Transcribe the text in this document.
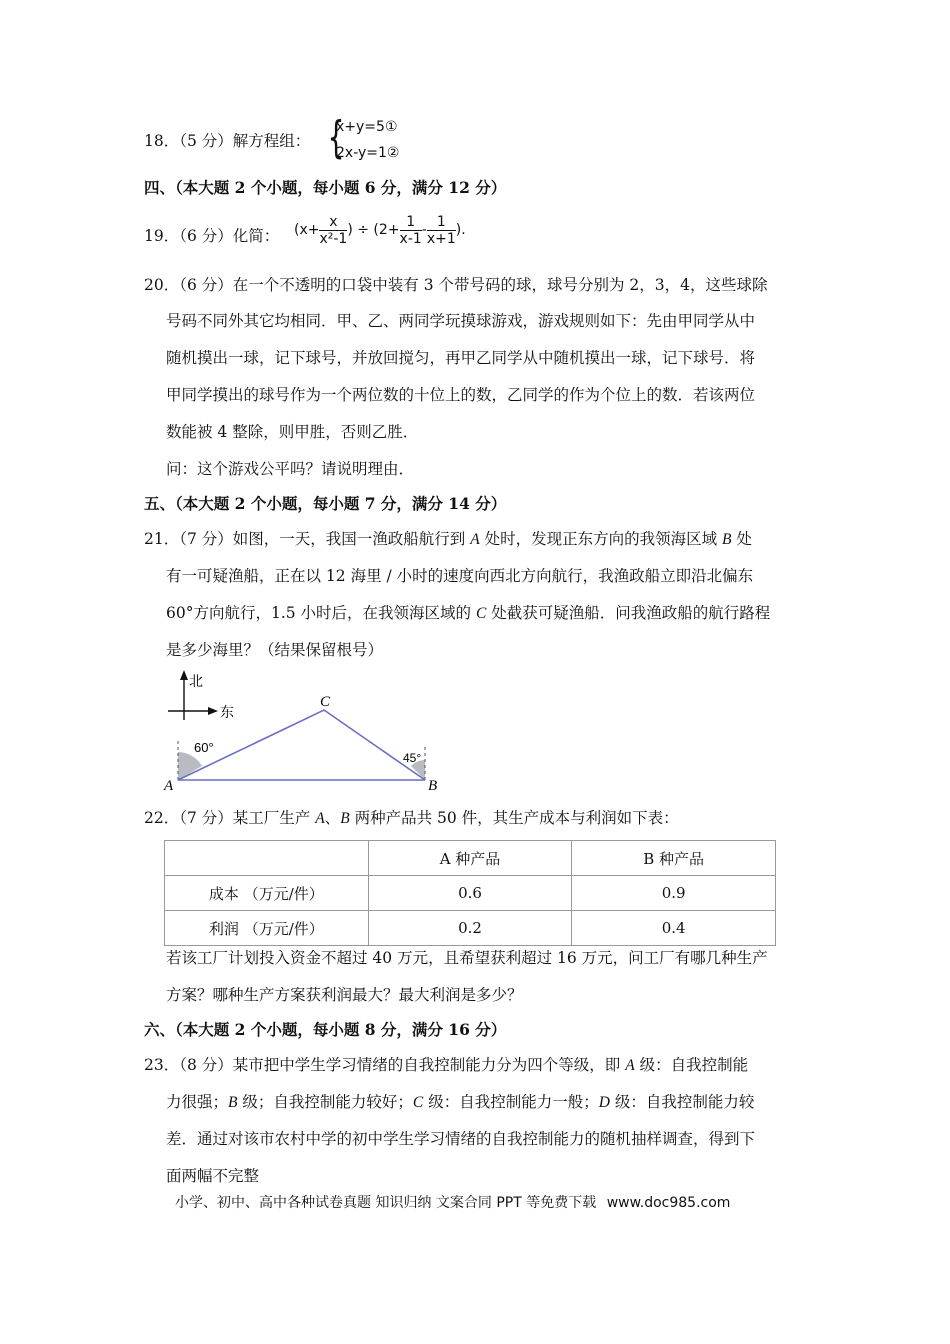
18．（5 分）解方程组： {
x+y=5①
2x-y=1②
四、（本大题 2 个小题，每小题 6 分，满分 12 分）
19．（6 分）化简： ($x+ \frac{x}{\text{x²-1}}$ ) ÷ ($2+ \frac{1}{x-1} - \frac{1}{x+1}$ ).
20．（6 分）在一个不透明的口袋中装有 3 个带号码的球，球号分别为 2，3，4，这些球除
号码不同外其它均相同．甲、乙、两同学玩摸球游戏，游戏规则如下：先由甲同学从中
随机摸出一球，记下球号，并放回搅匀，再甲乙同学从中随机摸出一球，记下球号．将
甲同学摸出的球号作为一个两位数的十位上的数，乙同学的作为个位上的数．若该两位
数能被 4 整除，则甲胜，否则乙胜．
问：这个游戏公平吗？请说明理由．
五、（本大题 2 个小题，每小题 7 分，满分 14 分）
21．（7 分）如图，一天，我国一渔政船航行到 A 处时，发现正东方向的我领海区域 B 处
有一可疑渔船，正在以 12 海里 / 小时的速度向西北方向航行，我渔政船立即沿北偏东
60°方向航行，1.5 小时后，在我领海区域的 C 处截获可疑渔船．问我渔政船的航行路程
是多少海里？（结果保留根号）
北
东
60°
45°
A	B
C
22．（7 分）某工厂生产 A、B 两种产品共 50 件，其生产成本与利润如下表：
	A 种产品	B 种产品
成本 （万元/件）	0.6	0.9
利润 （万元/件）	0.2	0.4
若该工厂计划投入资金不超过 40 万元，且希望获利超过 16 万元，问工厂有哪几种生产
方案？哪种生产方案获利润最大？最大利润是多少？
六、（本大题 2 个小题，每小题 8 分，满分 16 分）
23．（8 分）某市把中学生学习情绪的自我控制能力分为四个等级，即 A 级：自我控制能
力很强；B 级；自我控制能力较好；C 级：自我控制能力一般；D 级：自我控制能力较
差．通过对该市农村中学的初中学生学习情绪的自我控制能力的随机抽样调查，得到下
面两幅不完整
小学、初中、高中各种试卷真题 知识归纳 文案合同 PPT 等免费下载 www.doc985.com
